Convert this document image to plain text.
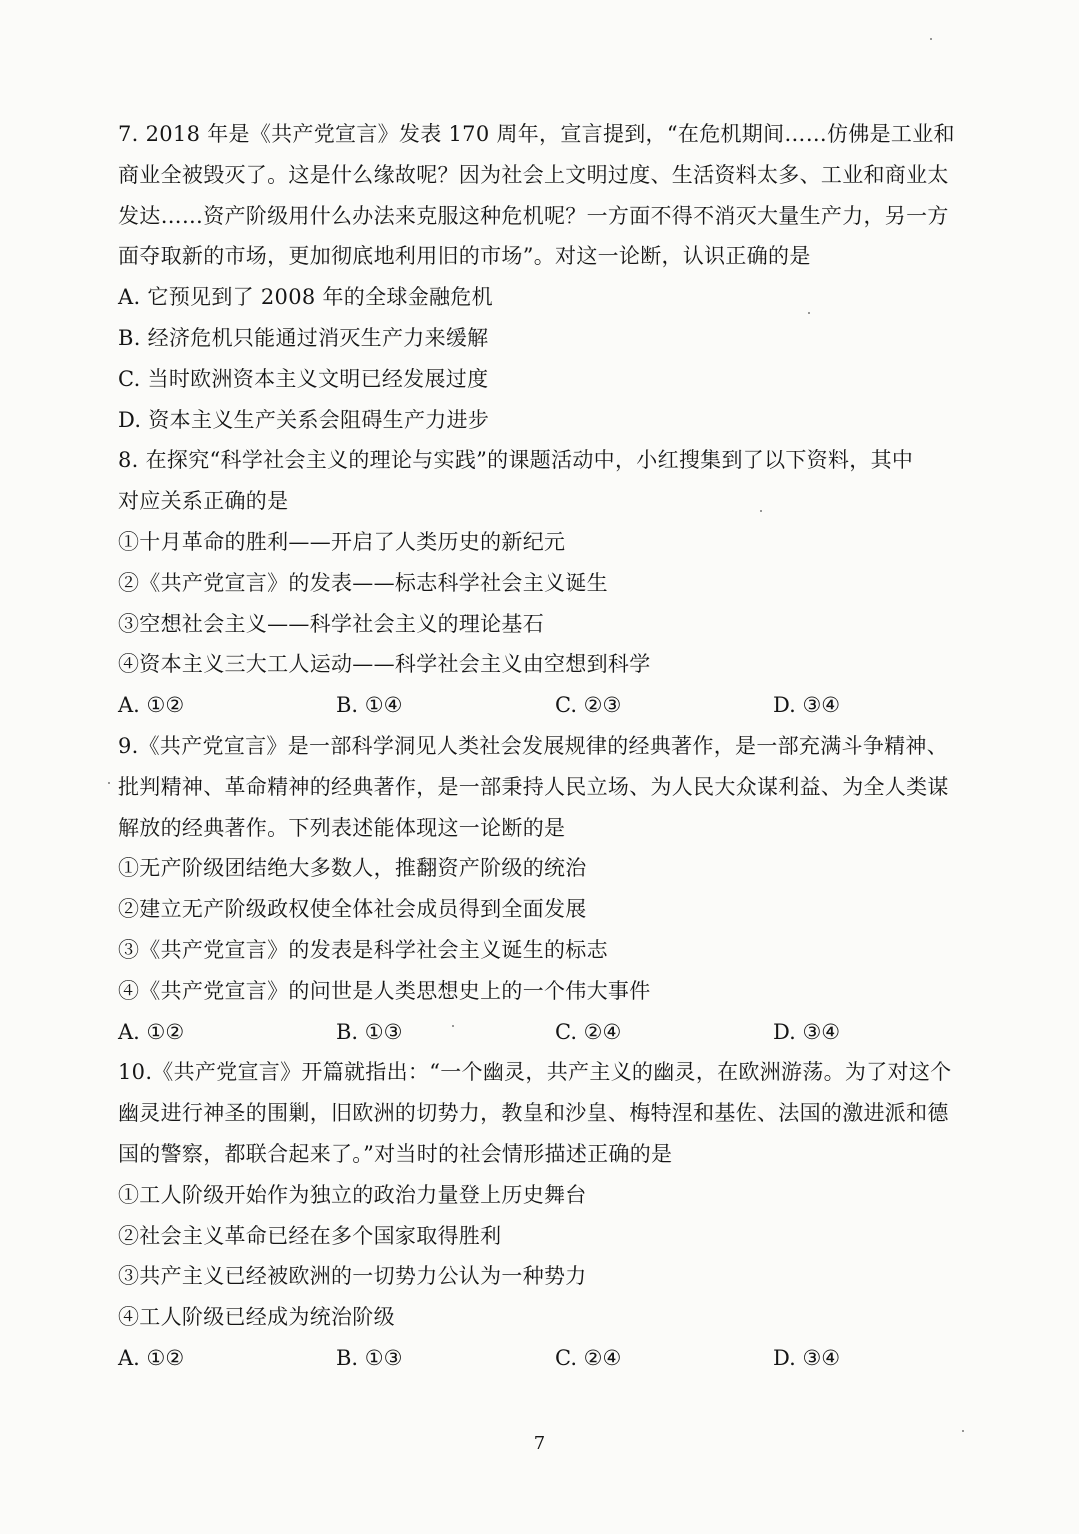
7. 2018 年是《共产党宣言》发表 170 周年，宣言提到，“在危机期间……仿佛是工业和
商业全被毁灭了。这是什么缘故呢？因为社会上文明过度、生活资料太多、工业和商业太
发达……资产阶级用什么办法来克服这种危机呢？一方面不得不消灭大量生产力，另一方
面夺取新的市场，更加彻底地利用旧的市场”。对这一论断，认识正确的是
A. 它预见到了 2008 年的全球金融危机
B. 经济危机只能通过消灭生产力来缓解
C. 当时欧洲资本主义文明已经发展过度
D. 资本主义生产关系会阻碍生产力进步
8. 在探究“科学社会主义的理论与实践”的课题活动中，小红搜集到了以下资料，其中
对应关系正确的是
①十月革命的胜利——开启了人类历史的新纪元
②《共产党宣言》的发表——标志科学社会主义诞生
③空想社会主义——科学社会主义的理论基石
④资本主义三大工人运动——科学社会主义由空想到科学
A. ①②	B. ①④	C. ②③	D. ③④
9.《共产党宣言》是一部科学洞见人类社会发展规律的经典著作，是一部充满斗争精神、
批判精神、革命精神的经典著作，是一部秉持人民立场、为人民大众谋利益、为全人类谋
解放的经典著作。下列表述能体现这一论断的是
①无产阶级团结绝大多数人，推翻资产阶级的统治
②建立无产阶级政权使全体社会成员得到全面发展
③《共产党宣言》的发表是科学社会主义诞生的标志
④《共产党宣言》的问世是人类思想史上的一个伟大事件
A. ①②	B. ①③	C. ②④	D. ③④
10.《共产党宣言》开篇就指出：“一个幽灵，共产主义的幽灵，在欧洲游荡。为了对这个
幽灵进行神圣的围剿，旧欧洲的切势力，教皇和沙皇、梅特涅和基佐、法国的激进派和德
国的警察，都联合起来了。”对当时的社会情形描述正确的是
①工人阶级开始作为独立的政治力量登上历史舞台
②社会主义革命已经在多个国家取得胜利
③共产主义已经被欧洲的一切势力公认为一种势力
④工人阶级已经成为统治阶级
A. ①②	B. ①③	C. ②④	D. ③④
7
